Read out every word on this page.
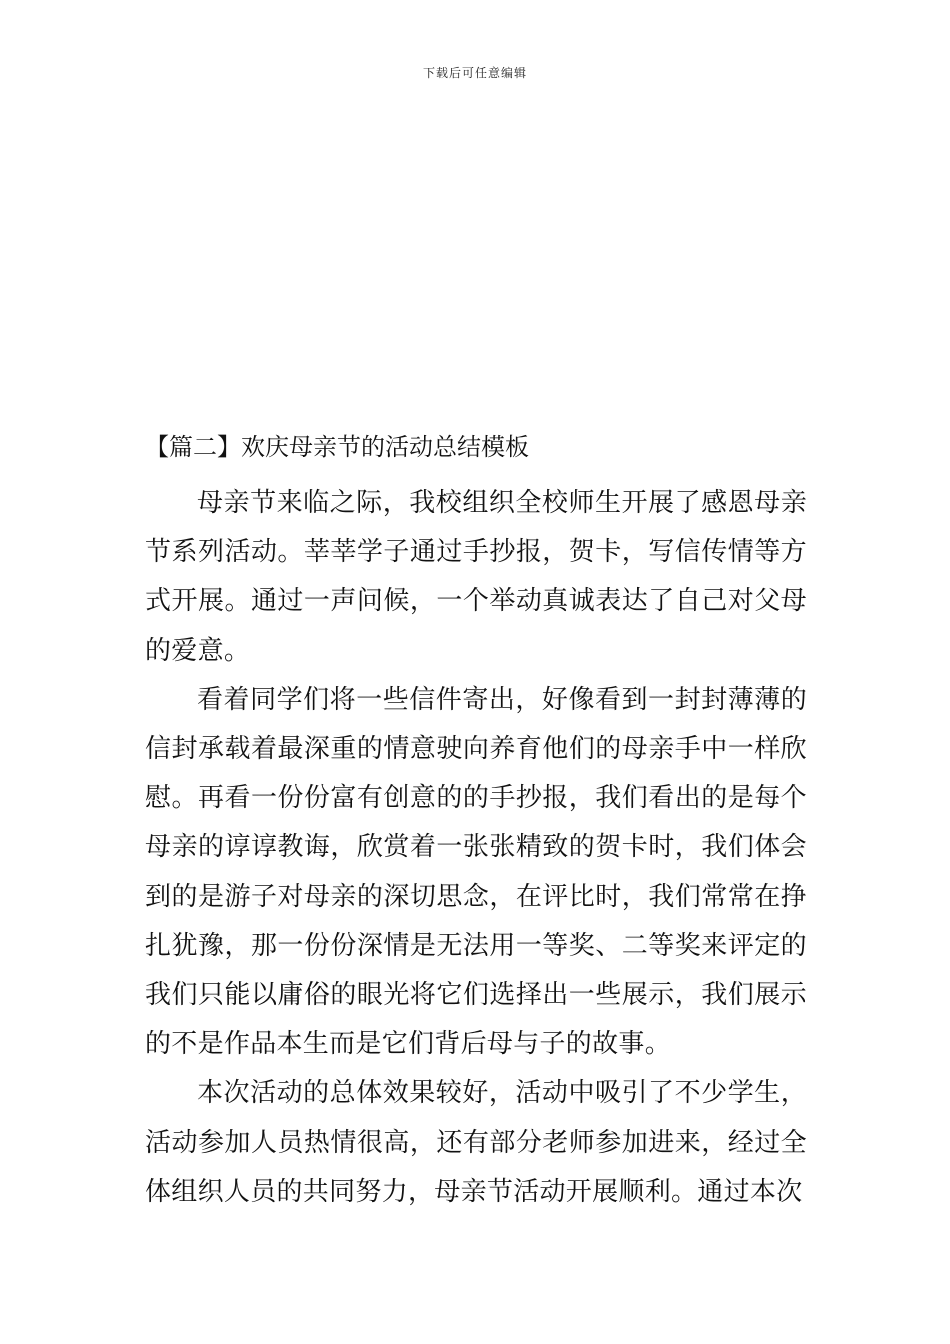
下载后可任意编辑
【篇二】欢庆母亲节的活动总结模板

母亲节来临之际，我校组织全校师生开展了感恩母亲节系列活动。莘莘学子通过手抄报，贺卡，写信传情等方式开展。通过一声问候，一个举动真诚表达了自己对父母的爱意。

看着同学们将一些信件寄出，好像看到一封封薄薄的信封承载着最深重的情意驶向养育他们的母亲手中一样欣慰。再看一份份富有创意的的手抄报，我们看出的是每个母亲的谆谆教诲，欣赏着一张张精致的贺卡时，我们体会到的是游子对母亲的深切思念，在评比时，我们常常在挣扎犹豫，那一份份深情是无法用一等奖、二等奖来评定的我们只能以庸俗的眼光将它们选择出一些展示，我们展示的不是作品本生而是它们背后母与子的故事。

本次活动的总体效果较好，活动中吸引了不少学生，活动参加人员热情很高，还有部分老师参加进来，经过全体组织人员的共同努力，母亲节活动开展顺利。通过本次
